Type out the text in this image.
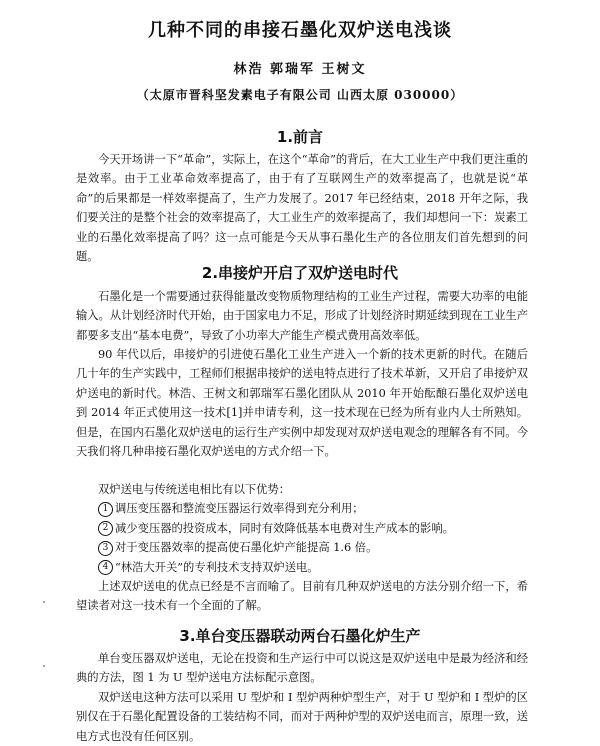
几种不同的串接石墨化双炉送电浅谈
林浩 郭瑞军 王树文
（太原市晋科坚发素电子有限公司 山西太原 030000）
1.前言
今天开场讲一下“革命”，实际上，在这个“革命”的背后，在大工业生产中我们更注重的是效率。由于工业革命效率提高了，由于有了互联网生产的效率提高了，也就是说“革命”的后果都是一样效率提高了，生产力发展了。2017 年已经结束，2018 开年之际，我们要关注的是整个社会的效率提高了，大工业生产的效率提高了，我们却想问一下：炭素工业的石墨化效率提高了吗？这一点可能是今天从事石墨化生产的各位朋友们首先想到的问题。
2.串接炉开启了双炉送电时代
石墨化是一个需要通过获得能量改变物质物理结构的工业生产过程，需要大功率的电能输入。从计划经济时代开始，由于国家电力不足，形成了计划经济时期延续到现在工业生产都要多支出“基本电费”，导致了小功率大产能生产模式费用高效率低。
90 年代以后，串接炉的引进使石墨化工业生产进入一个新的技术更新的时代。在随后几十年的生产实践中，工程师们根据串接炉的送电特点进行了技术革新，又开启了串接炉双炉送电的新时代。林浩、王树文和郭瑞军石墨化团队从 2010 年开始酝酿石墨化双炉送电到 2014 年正式使用这一技术[1]并申请专利，这一技术现在已经为所有业内人士所熟知。但是，在国内石墨化双炉送电的运行生产实例中却发现对双炉送电观念的理解各有不同。今天我们将几种串接石墨化双炉送电的方式介绍一下。
双炉送电与传统送电相比有以下优势：
1 调压变压器和整流变压器运行效率得到充分利用；
2 减少变压器的投资成本，同时有效降低基本电费对生产成本的影响。
3 对于变压器效率的提高使石墨化炉产能提高 1.6 倍。
4 “林浩大开关”的专利技术支持双炉送电。
上述双炉送电的优点已经是不言而喻了。目前有几种双炉送电的方法分别介绍一下，希望读者对这一技术有一个全面的了解。
3.单台变压器联动两台石墨化炉生产
单台变压器双炉送电，无论在投资和生产运行中可以说这是双炉送电中是最为经济和经典的方法，图 1 为 U 型炉送电方法标配示意图。
双炉送电这种方法可以采用 U 型炉和 I 型炉两种炉型生产，对于 U 型炉和 I 型炉的区别仅在于石墨化配置设备的工装结构不同，而对于两种炉型的双炉送电而言，原理一致，送电方式也没有任何区别。
